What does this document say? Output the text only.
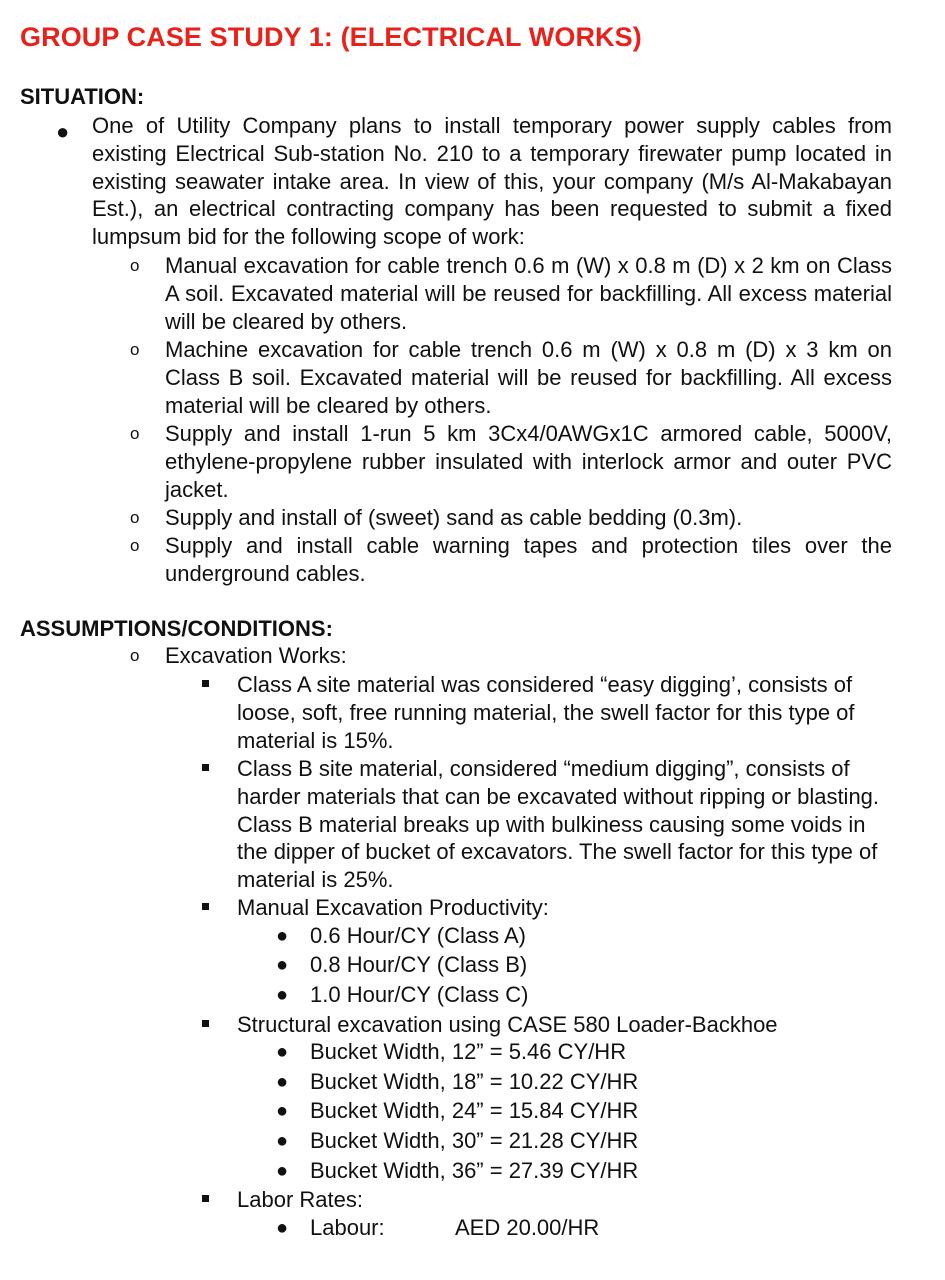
GROUP CASE STUDY 1: (ELECTRICAL WORKS)
SITUATION:
● One of Utility Company plans to install temporary power supply cables from existing Electrical Sub-station No. 210 to a temporary firewater pump located in existing seawater intake area. In view of this, your company (M/s Al-Makabayan Est.), an electrical contracting company has been requested to submit a fixed lumpsum bid for the following scope of work:
o Manual excavation for cable trench 0.6 m (W) x 0.8 m (D) x 2 km on Class A soil. Excavated material will be reused for backfilling. All excess material will be cleared by others.
o Machine excavation for cable trench 0.6 m (W) x 0.8 m (D) x 3 km on Class B soil. Excavated material will be reused for backfilling. All excess material will be cleared by others.
o Supply and install 1-run 5 km 3Cx4/0AWGx1C armored cable, 5000V, ethylene-propylene rubber insulated with interlock armor and outer PVC jacket.
o Supply and install of (sweet) sand as cable bedding (0.3m).
o Supply and install cable warning tapes and protection tiles over the underground cables.
ASSUMPTIONS/CONDITIONS:
o Excavation Works:
Class A site material was considered “easy digging’, consists of loose, soft, free running material, the swell factor for this type of material is 15%.
Class B site material, considered “medium digging”, consists of harder materials that can be excavated without ripping or blasting. Class B material breaks up with bulkiness causing some voids in the dipper of bucket of excavators. The swell factor for this type of material is 25%.
Manual Excavation Productivity:
● 0.6 Hour/CY (Class A)
● 0.8 Hour/CY (Class B)
● 1.0 Hour/CY (Class C)
Structural excavation using CASE 580 Loader-Backhoe
● Bucket Width, 12” = 5.46 CY/HR
● Bucket Width, 18” = 10.22 CY/HR
● Bucket Width, 24” = 15.84 CY/HR
● Bucket Width, 30” = 21.28 CY/HR
● Bucket Width, 36” = 27.39 CY/HR
Labor Rates:
● Labour:	AED 20.00/HR
